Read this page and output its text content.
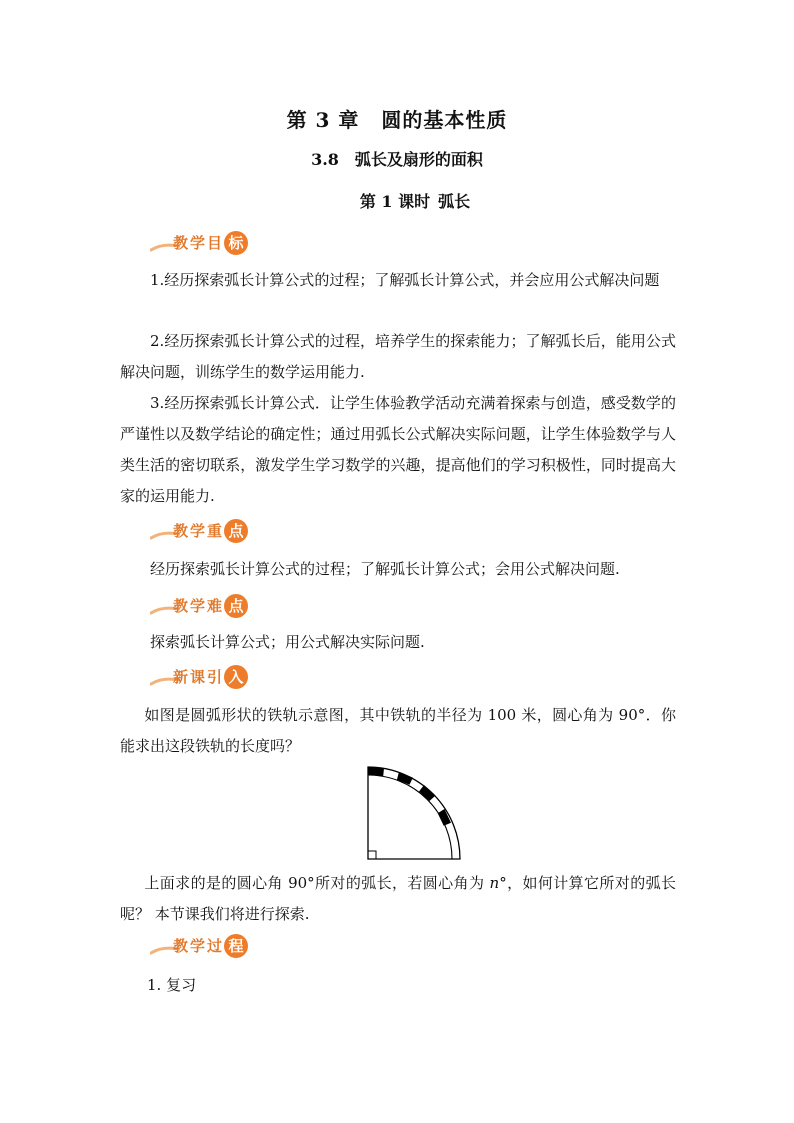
第 3 章 圆的基本性质
3.8 弧长及扇形的面积
第 1 课时 弧长
教 学 目 标
1.经历探索弧长计算公式的过程；了解弧长计算公式，并会应用公式解决问题
2.经历探索弧长计算公式的过程，培养学生的探索能力；了解弧长后，能用公式解决问题，训练学生的数学运用能力.
3.经历探索弧长计算公式．让学生体验教学活动充满着探索与创造，感受数学的严谨性以及数学结论的确定性；通过用弧长公式解决实际问题，让学生体验数学与人类生活的密切联系，激发学生学习数学的兴趣，提高他们的学习积极性，同时提高大家的运用能力.
教 学 重 点
经历探索弧长计算公式的过程；了解弧长计算公式；会用公式解决问题.
教 学 难 点
探索弧长计算公式；用公式解决实际问题.
新 课 引 入
如图是圆弧形状的铁轨示意图，其中铁轨的半径为 100 米，圆心角为 90°．你能求出这段铁轨的长度吗？
上面求的是的圆心角 90°所对的弧长，若圆心角为 n°，如何计算它所对的弧长呢？ 本节课我们将进行探索.
教 学 过 程
1. 复习
